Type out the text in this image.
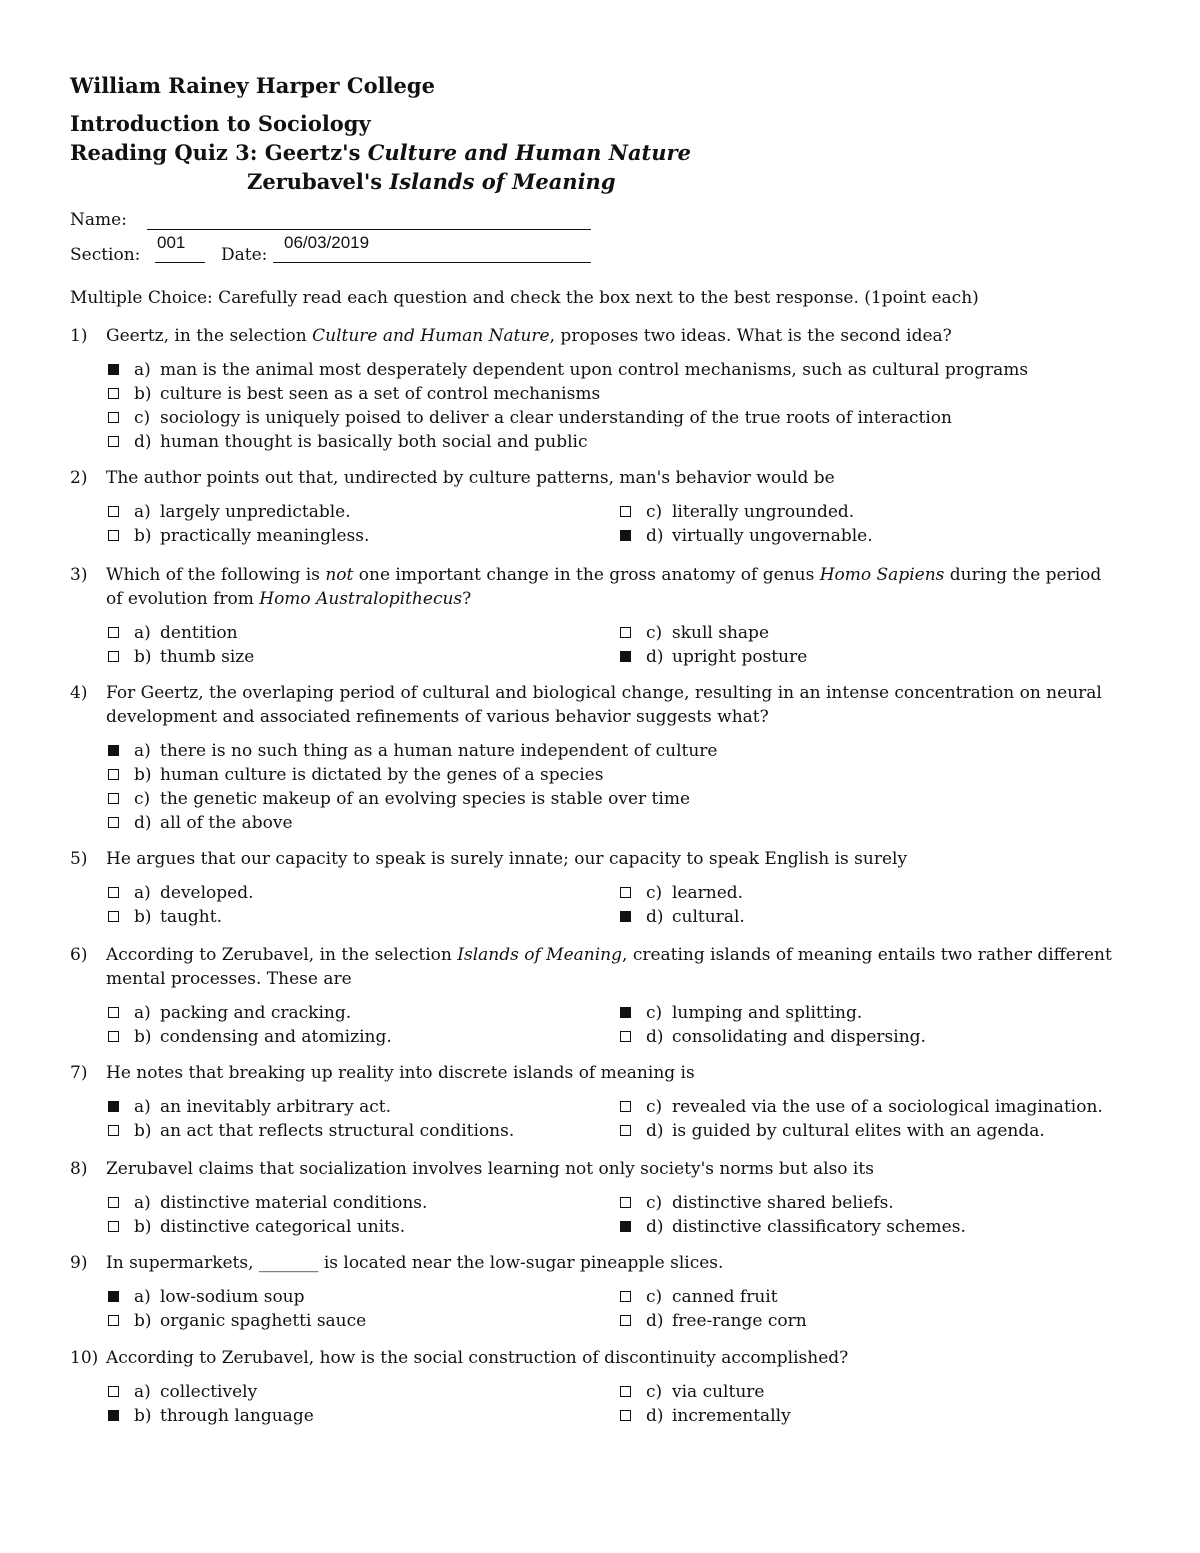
William Rainey Harper College
Introduction to Sociology
Reading Quiz 3: Geertz's Culture and Human Nature
Zerubavel's Islands of Meaning
Name:
Section:
001
Date:
06/03/2019
Multiple Choice: Carefully read each question and check the box next to the best response. (1point each)
1) Geertz, in the selection Culture and Human Nature, proposes two ideas. What is the second idea?
a) man is the animal most desperately dependent upon control mechanisms, such as cultural programs
b) culture is best seen as a set of control mechanisms
c) sociology is uniquely poised to deliver a clear understanding of the true roots of interaction
d) human thought is basically both social and public
2) The author points out that, undirected by culture patterns, man's behavior would be
a) largely unpredictable.
b) practically meaningless.
c) literally ungrounded.
d) virtually ungovernable.
3) Which of the following is not one important change in the gross anatomy of genus Homo Sapiens during the period of evolution from Homo Australopithecus?
a) dentition
b) thumb size
c) skull shape
d) upright posture
4) For Geertz, the overlaping period of cultural and biological change, resulting in an intense concentration on neural development and associated refinements of various behavior suggests what?
a) there is no such thing as a human nature independent of culture
b) human culture is dictated by the genes of a species
c) the genetic makeup of an evolving species is stable over time
d) all of the above
5) He argues that our capacity to speak is surely innate; our capacity to speak English is surely
a) developed.
b) taught.
c) learned.
d) cultural.
6) According to Zerubavel, in the selection Islands of Meaning, creating islands of meaning entails two rather different mental processes. These are
a) packing and cracking.
b) condensing and atomizing.
c) lumping and splitting.
d) consolidating and dispersing.
7) He notes that breaking up reality into discrete islands of meaning is
a) an inevitably arbitrary act.
b) an act that reflects structural conditions.
c) revealed via the use of a sociological imagination.
d) is guided by cultural elites with an agenda.
8) Zerubavel claims that socialization involves learning not only society's norms but also its
a) distinctive material conditions.
b) distinctive categorical units.
c) distinctive shared beliefs.
d) distinctive classificatory schemes.
9) In supermarkets, _______ is located near the low-sugar pineapple slices.
a) low-sodium soup
b) organic spaghetti sauce
c) canned fruit
d) free-range corn
10) According to Zerubavel, how is the social construction of discontinuity accomplished?
a) collectively
b) through language
c) via culture
d) incrementally
